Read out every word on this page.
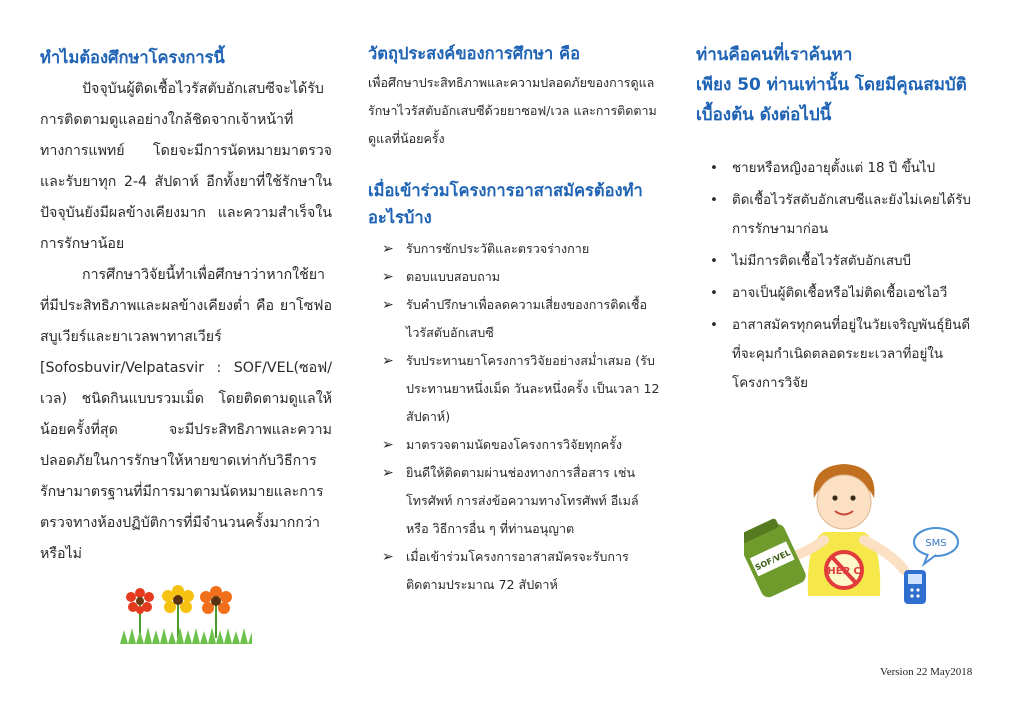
ทำไมต้องศึกษาโครงการนี้

ปัจจุบันผู้ติดเชื้อไวรัสตับอักเสบซีจะได้รับการติดตามดูแลอย่างใกล้ชิดจากเจ้าหน้าที่ทางการแพทย์ โดยจะมีการนัดหมายมาตรวจและรับยาทุก 2-4 สัปดาห์ อีกทั้งยาที่ใช้รักษาในปัจจุบันยังมีผลข้างเคียงมาก และความสำเร็จในการรักษาน้อย

การศึกษาวิจัยนี้ทำเพื่อศึกษาว่าหากใช้ยาที่มีประสิทธิภาพและผลข้างเคียงต่ำ คือ ยาโซฟอสบูเวียร์และยาเวลพาทาสเวียร์ [Sofosbuvir/Velpatasvir : SOF/VEL(ซอฟ/เวล) ชนิดกินแบบรวมเม็ด โดยติดตามดูแลให้น้อยครั้งที่สุด จะมีประสิทธิภาพและความปลอดภัยในการรักษาให้หายขาดเท่ากับวิธีการรักษามาตรฐานที่มีการมาตามนัดหมายและการตรวจทางห้องปฏิบัติการที่มีจำนวนครั้งมากกว่าหรือไม่

วัตถุประสงค์ของการศึกษา คือ

เพื่อศึกษาประสิทธิภาพและความปลอดภัยของการดูแลรักษาไวรัสตับอักเสบซีด้วยยาซอฟ/เวล และการติดตามดูแลที่น้อยครั้ง

เมื่อเข้าร่วมโครงการอาสาสมัครต้องทำอะไรบ้าง
➢ รับการซักประวัติและตรวจร่างกาย
➢ ตอบแบบสอบถาม
➢ รับคำปรึกษาเพื่อลดความเสี่ยงของการติดเชื้อไวรัสตับอักเสบซี
➢ รับประทานยาโครงการวิจัยอย่างสม่ำเสมอ (รับประทานยาหนึ่งเม็ด วันละหนึ่งครั้ง เป็นเวลา 12 สัปดาห์)
➢ มาตรวจตามนัดของโครงการวิจัยทุกครั้ง
➢ ยินดีให้ติดตามผ่านช่องทางการสื่อสาร เช่น โทรศัพท์ การส่งข้อความทางโทรศัพท์ อีเมล์ หรือ วิธีการอื่น ๆ ที่ท่านอนุญาต
➢ เมื่อเข้าร่วมโครงการอาสาสมัครจะรับการติดตามประมาณ 72 สัปดาห์
ท่านคือคนที่เราค้นหา
เพียง 50 ท่านเท่านั้น โดยมีคุณสมบัติ
เบื้องต้น ดังต่อไปนี้
• ชายหรือหญิงอายุตั้งแต่ 18 ปี ขึ้นไป
• ติดเชื้อไวรัสตับอักเสบซีและยังไม่เคยได้รับการรักษามาก่อน
• ไม่มีการติดเชื้อไวรัสตับอักเสบบี
• อาจเป็นผู้ติดเชื้อหรือไม่ติดเชื้อเอชไอวี
• อาสาสมัครทุกคนที่อยู่ในวัยเจริญพันธุ์ยินดีที่จะคุมกำเนิดตลอดระยะเวลาที่อยู่ในโครงการวิจัย
HEP C
SOF/VEL
SMS
Version 22 May2018
